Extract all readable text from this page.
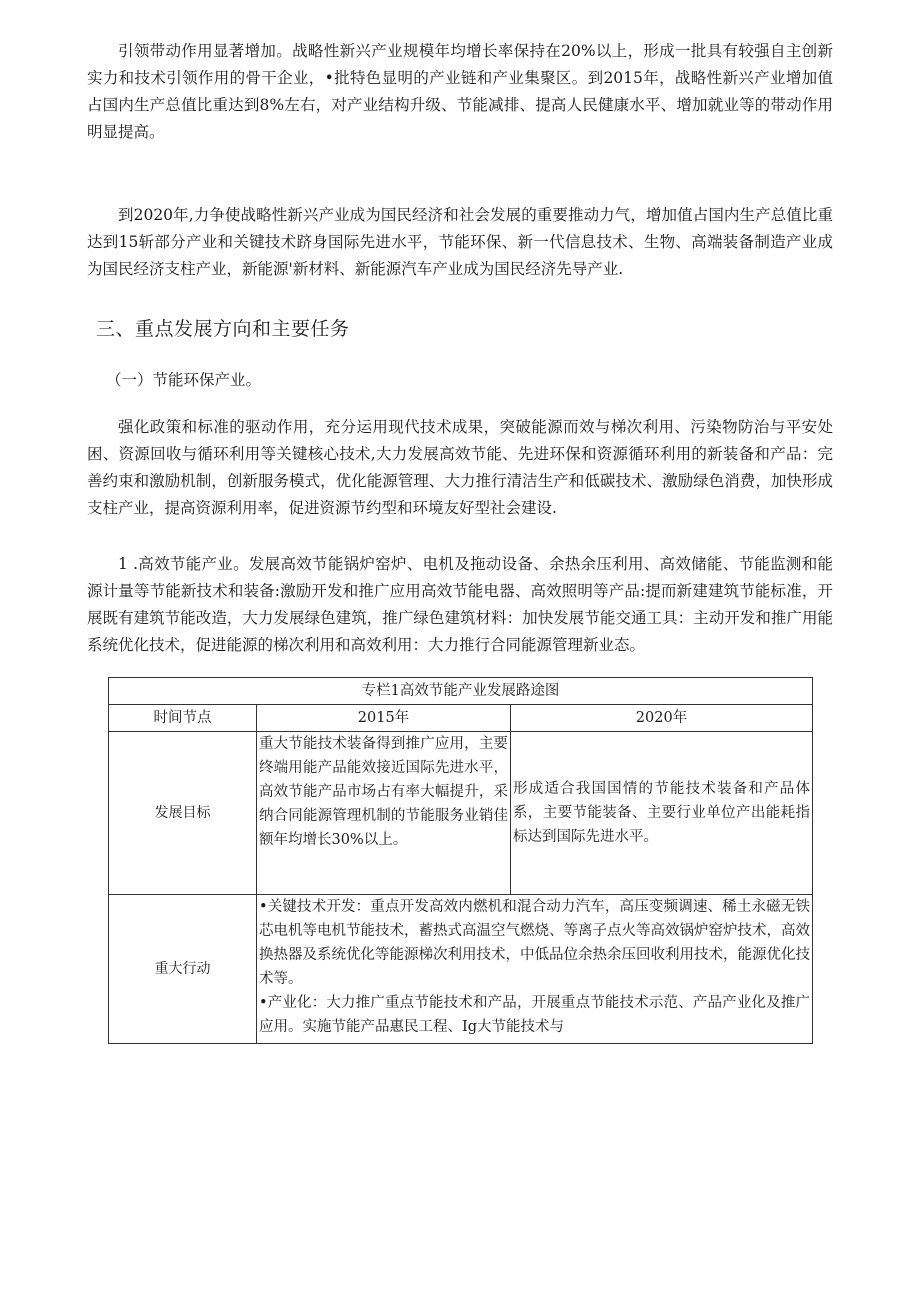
引领带动作用显著增加。战略性新兴产业规模年均增长率保持在20%以上，形成一批具有较强自主创新实力和技术引领作用的骨干企业，•批特色显明的产业链和产业集聚区。到2015年，战略性新兴产业增加值占国内生产总值比重达到8%左右，对产业结构升级、节能减排、提高人民健康水平、增加就业等的带动作用明显提高。

到2020年,力争使战略性新兴产业成为国民经济和社会发展的重要推动力气，增加值占国内生产总值比重达到15斩部分产业和关键技术跻身国际先进水平，节能环保、新一代信息技术、生物、高端装备制造产业成为国民经济支柱产业，新能源'新材料、新能源汽车产业成为国民经济先导产业.

三、重点发展方向和主要任务

（一）节能环保产业。

强化政策和标准的驱动作用，充分运用现代技术成果，突破能源而效与梯次利用、污染物防治与平安处困、资源回收与循环利用等关键核心技术,大力发展高效节能、先进环保和资源循环利用的新装备和产品：完善约束和激励机制，创新服务模式，优化能源管理、大力推行清洁生产和低碳技术、激励绿色消费，加快形成支柱产业，提高资源利用率，促进资源节约型和环境友好型社会建设.

1 .高效节能产业。发展高效节能锅炉窑炉、电机及拖动设备、余热余压利用、高效储能、节能监测和能源计量等节能新技术和装备:激励开发和推广应用高效节能电器、高效照明等产品:提而新建建筑节能标准，开展既有建筑节能改造，大力发展绿色建筑，推广绿色建筑材料：加快发展节能交通工具：主动开发和推广用能系统优化技术，促进能源的梯次利用和高效利用：大力推行合同能源管理新业态。

专栏1高效节能产业发展路途图		
时间节点	2015年	2020年
发展目标	重大节能技术装备得到推广应用，主要终端用能产品能效接近国际先进水平，高效节能产品市场占有率大幅提升，采纳合同能源管理机制的节能服务业销佳额年均增长30%以上。	形成适合我国国情的节能技术装备和产品体系，主要节能装备、主要行业单位产出能耗指标达到国际先进水平。
重大行动	•关键技术开发：重点开发高效内燃机和混合动力汽车，高压变频调速、稀土永磁无铁芯电机等电机节能技术，蓄热式高温空气燃烧、等离子点火等高效锅炉窑炉技术，高效换热器及系统优化等能源梯次利用技术，中低品位余热余压回收利用技术，能源优化技术等。
•产业化：大力推广重点节能技术和产品，开展重点节能技术示范、产品产业化及推广应用。实施节能产品惠民工程、Ig大节能技术与	
